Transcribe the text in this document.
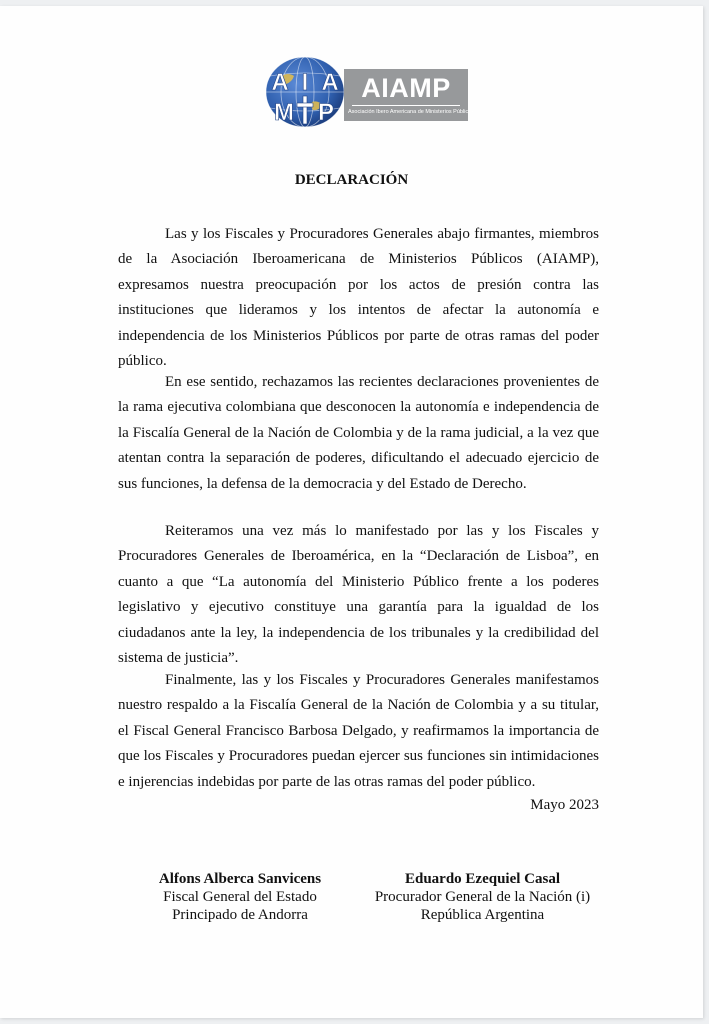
A I A
M P
AIAMP
Asociación Ibero Americana de Ministerios Públicos
DECLARACIÓN

Las y los Fiscales y Procuradores Generales abajo firmantes, miembros de la Asociación Iberoamericana de Ministerios Públicos (AIAMP), expresamos nuestra preocupación por los actos de presión contra las instituciones que lideramos y los intentos de afectar la autonomía e independencia de los Ministerios Públicos por parte de otras ramas del poder público.

En ese sentido, rechazamos las recientes declaraciones provenientes de la rama ejecutiva colombiana que desconocen la autonomía e independencia de la Fiscalía General de la Nación de Colombia y de la rama judicial, a la vez que atentan contra la separación de poderes, dificultando el adecuado ejercicio de sus funciones, la defensa de la democracia y del Estado de Derecho.

Reiteramos una vez más lo manifestado por las y los Fiscales y Procuradores Generales de Iberoamérica, en la “Declaración de Lisboa”, en cuanto a que “La autonomía del Ministerio Público frente a los poderes legislativo y ejecutivo constituye una garantía para la igualdad de los ciudadanos ante la ley, la independencia de los tribunales y la credibilidad del sistema de justicia”.

Finalmente, las y los Fiscales y Procuradores Generales manifestamos nuestro respaldo a la Fiscalía General de la Nación de Colombia y a su titular, el Fiscal General Francisco Barbosa Delgado, y reafirmamos la importancia de que los Fiscales y Procuradores puedan ejercer sus funciones sin intimidaciones e injerencias indebidas por parte de las otras ramas del poder público.

Mayo 2023

Alfons Alberca Sanvicens
Fiscal General del Estado
Principado de Andorra
Eduardo Ezequiel Casal
Procurador General de la Nación (i)
República Argentina
